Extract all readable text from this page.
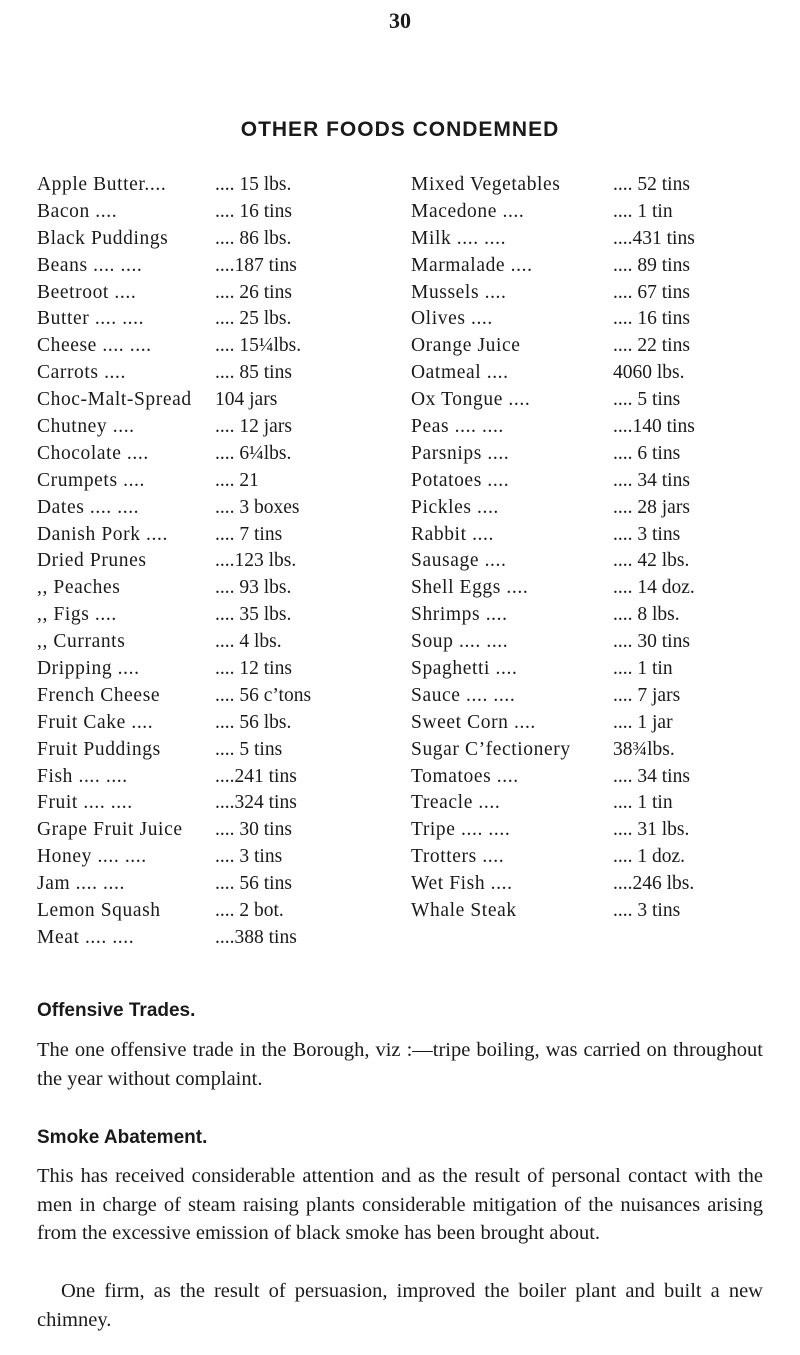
30
OTHER FOODS CONDEMNED
Apple Butter.... .... 15 lbs.
Bacon ....	.... 16 tins
Black Puddings .... 86 lbs.
Beans .... ....	....187 tins
Beetroot ....	.... 26 tins
Butter .... ....	.... 25 lbs.
Cheese .... ....	.... 15¼lbs.
Carrots ....	.... 85 tins
Choc-Malt-Spread 104 jars
Chutney ....	.... 12 jars
Chocolate ....	.... 6¼lbs.
Crumpets ....	.... 21
Dates .... ....	.... 3 boxes
Danish Pork .... .... 7 tins
Dried Prunes	....123 lbs.
,, Peaches	.... 93 lbs.
,, Figs ....	.... 35 lbs.
,, Currants	.... 4 lbs.
Dripping ....	.... 12 tins
French Cheese	.... 56 c’tons
Fruit Cake ....	.... 56 lbs.
Fruit Puddings	.... 5 tins
Fish .... ....	....241 tins
Fruit .... ....	....324 tins
Grape Fruit Juice .... 30 tins
Honey .... ....	.... 3 tins
Jam .... ....	.... 56 tins
Lemon Squash	.... 2 bot.
Meat .... ....	....388 tins
Mixed Vegetables	.... 52 tins
Macedone ....	.... 1 tin
Milk .... ....	....431 tins
Marmalade ....	.... 89 tins
Mussels ....	.... 67 tins
Olives ....	.... 16 tins
Orange Juice	.... 22 tins
Oatmeal ....	4060 lbs.
Ox Tongue ....	.... 5 tins
Peas .... ....	....140 tins
Parsnips ....	.... 6 tins
Potatoes ....	.... 34 tins
Pickles ....	.... 28 jars
Rabbit ....	.... 3 tins
Sausage ....	.... 42 lbs.
Shell Eggs ....	.... 14 doz.
Shrimps ....	.... 8 lbs.
Soup .... ....	.... 30 tins
Spaghetti ....	.... 1 tin
Sauce .... ....	.... 7 jars
Sweet Corn ....	.... 1 jar
Sugar C’fectionery 38¾lbs.
Tomatoes ....	.... 34 tins
Treacle ....	.... 1 tin
Tripe .... ....	.... 31 lbs.
Trotters ....	.... 1 doz.
Wet Fish ....	....246 lbs.
Whale Steak	.... 3 tins
Offensive Trades.
The one offensive trade in the Borough, viz :—tripe boiling, was carried on throughout the year without complaint.
Smoke Abatement.
This has received considerable attention and as the result of personal contact with the men in charge of steam raising plants considerable mitigation of the nuisances arising from the excessive emission of black smoke has been brought about.
One firm, as the result of persuasion, improved the boiler plant and built a new chimney.
